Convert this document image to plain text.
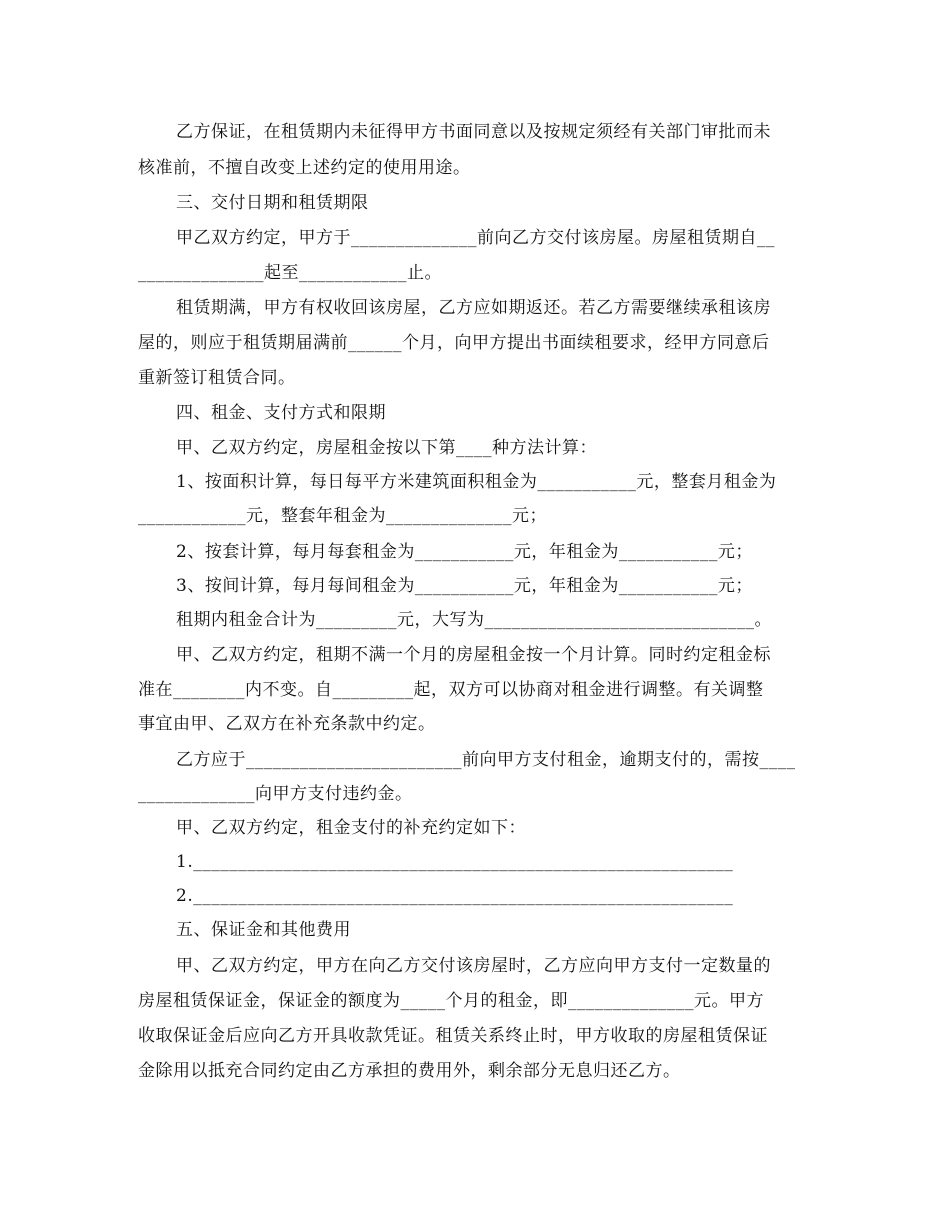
乙方保证，在租赁期内未征得甲方书面同意以及按规定须经有关部门审批而未
核准前，不擅自改变上述约定的使用用途。
三、交付日期和租赁期限
甲乙双方约定，甲方于______________前向乙方交付该房屋。房屋租赁期自__
______________起至____________止。
租赁期满，甲方有权收回该房屋，乙方应如期返还。若乙方需要继续承租该房
屋的，则应于租赁期届满前______个月，向甲方提出书面续租要求，经甲方同意后
重新签订租赁合同。
四、租金、支付方式和限期
甲、乙双方约定，房屋租金按以下第____种方法计算：
1、按面积计算，每日每平方米建筑面积租金为___________元，整套月租金为
____________元，整套年租金为______________元；
2、按套计算，每月每套租金为___________元，年租金为___________元；
3、按间计算，每月每间租金为___________元，年租金为___________元；
租期内租金合计为_________元，大写为______________________________。
甲、乙双方约定，租期不满一个月的房屋租金按一个月计算。同时约定租金标
准在________内不变。自_________起，双方可以协商对租金进行调整。有关调整
事宜由甲、乙双方在补充条款中约定。
乙方应于________________________前向甲方支付租金，逾期支付的，需按____
_____________向甲方支付违约金。
甲、乙双方约定，租金支付的补充约定如下：
1.____________________________________________________________
2.____________________________________________________________
五、保证金和其他费用
甲、乙双方约定，甲方在向乙方交付该房屋时，乙方应向甲方支付一定数量的
房屋租赁保证金，保证金的额度为_____个月的租金，即______________元。甲方
收取保证金后应向乙方开具收款凭证。租赁关系终止时，甲方收取的房屋租赁保证
金除用以抵充合同约定由乙方承担的费用外，剩余部分无息归还乙方。
